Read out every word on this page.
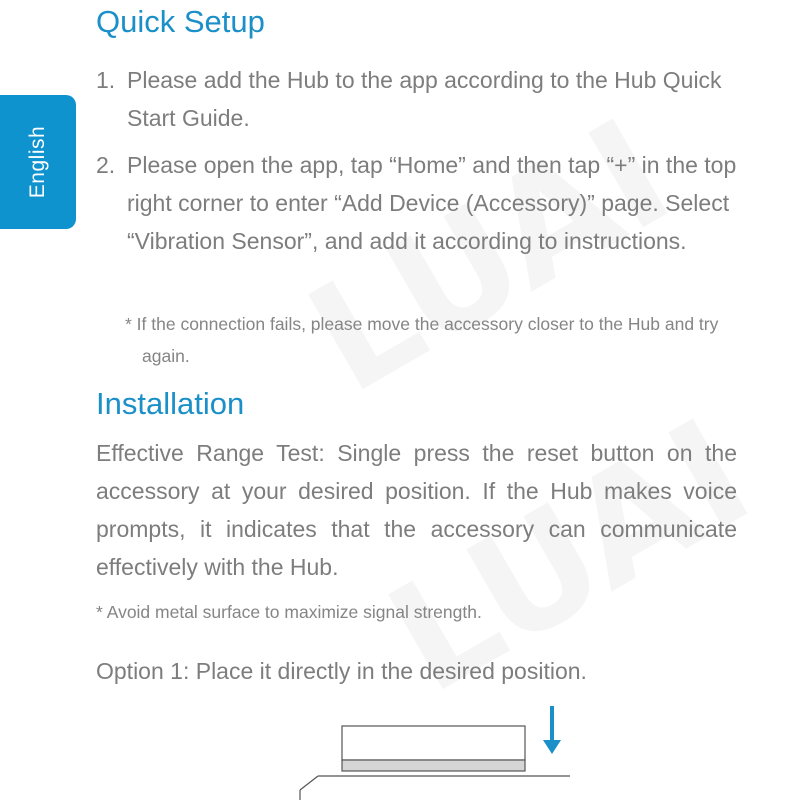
English
Quick Setup
1. Please add the Hub to the app according to the Hub Quick Start Guide.

2. Please open the app, tap “Home” and then tap “+” in the top right corner to enter “Add Device (Accessory)” page. Select “Vibration Sensor”, and add it according to instructions.

* If the connection fails, please move the accessory closer to the Hub and try again.

Installation

Effective Range Test: Single press the reset button on the accessory at your desired position. If the Hub makes voice prompts, it indicates that the accessory can communicate effectively with the Hub.

* Avoid metal surface to maximize signal strength.

Option 1: Place it directly in the desired position.
